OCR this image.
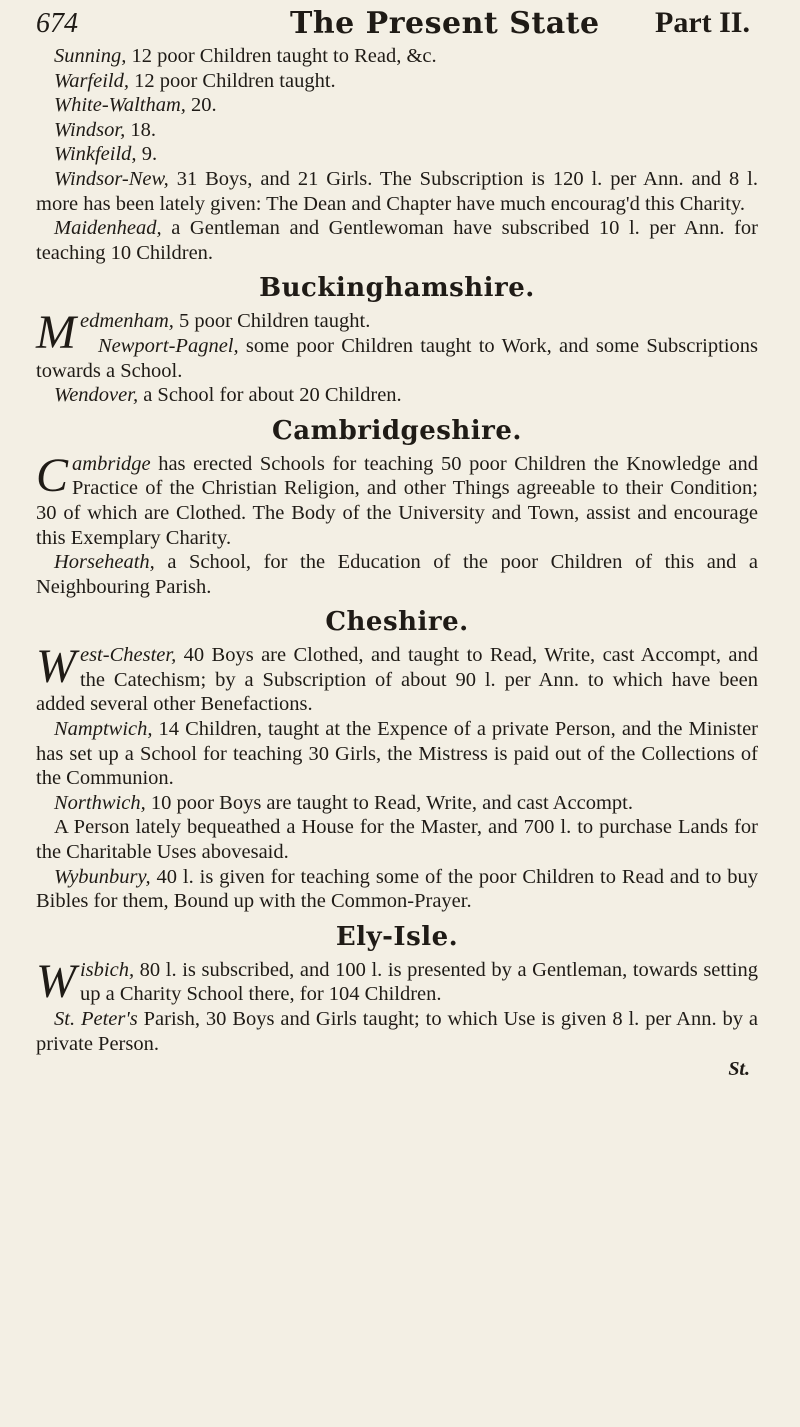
674	The Present State Part II.

Sunning, 12 poor Children taught to Read, &c.

Warfeild, 12 poor Children taught.

White-Waltham, 20.

Windsor, 18.

Winkfeild, 9.

Windsor-New, 31 Boys, and 21 Girls. The Subscription is 120 l. per Ann. and 8 l. more has been lately given: The Dean and Chapter have much encourag'd this Charity.

Maidenhead, a Gentleman and Gentlewoman have subscribed 10 l. per Ann. for teaching 10 Children.

Buckinghamshire.

Medmenham, 5 poor Children taught.

Newport-Pagnel, some poor Children taught to Work, and some Subscriptions towards a School.

Wendover, a School for about 20 Children.

Cambridgeshire.

Cambridge has erected Schools for teaching 50 poor Children the Knowledge and Practice of the Christian Religion, and other Things agreeable to their Condition; 30 of which are Clothed. The Body of the University and Town, assist and encourage this Exemplary Charity.

Horseheath, a School, for the Education of the poor Children of this and a Neighbouring Parish.

Cheshire.

West-Chester, 40 Boys are Clothed, and taught to Read, Write, cast Accompt, and the Catechism; by a Subscription of about 90 l. per Ann. to which have been added several other Benefactions.

Namptwich, 14 Children, taught at the Expence of a private Person, and the Minister has set up a School for teaching 30 Girls, the Mistress is paid out of the Collections of the Communion.

Northwich, 10 poor Boys are taught to Read, Write, and cast Accompt.

A Person lately bequeathed a House for the Master, and 700 l. to purchase Lands for the Charitable Uses abovesaid.

Wybunbury, 40 l. is given for teaching some of the poor Children to Read and to buy Bibles for them, Bound up with the Common-Prayer.

Ely-Isle.

Wisbich, 80 l. is subscribed, and 100 l. is presented by a Gentleman, towards setting up a Charity School there, for 104 Children.

St. Peter's Parish, 30 Boys and Girls taught; to which Use is given 8 l. per Ann. by a private Person.

St.
